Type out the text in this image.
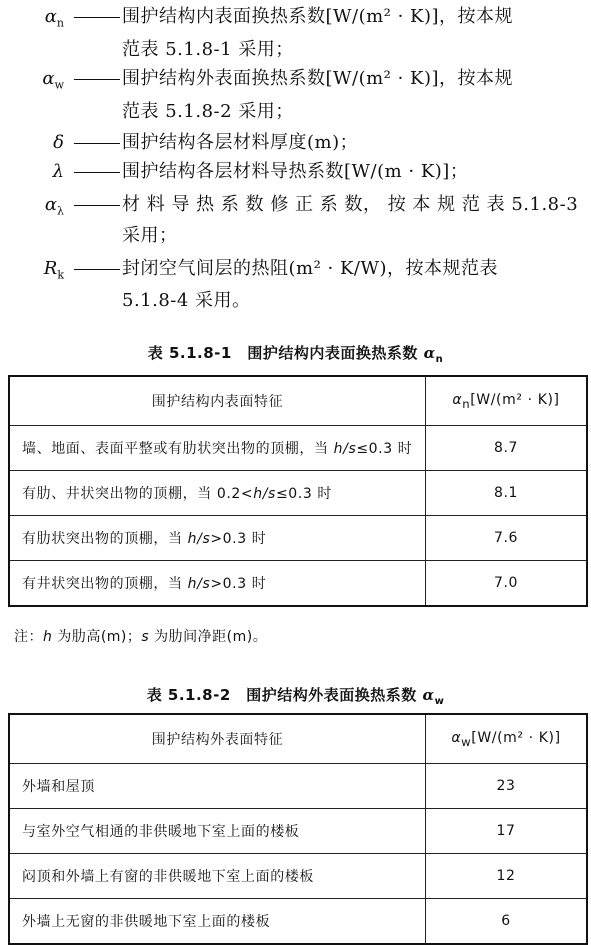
$\alpha_n$	围护结构内表面换热系数[W/(m² · K)]，按本规
范表 5.1.8-1 采用；
$\alpha_w$	围护结构外表面换热系数[W/(m² · K)]，按本规
范表 5.1.8-2 采用；
δ	围护结构各层材料厚度(m)；
λ	围护结构各层材料导热系数[W/(m · K)]；
$\alpha_\lambda$	材 料 导 热 系 数 修 正 系 数， 按 本 规 范 表 5.1.8-3
采用；
$R_k$	封闭空气间层的热阻(m² · K/W)，按本规范表
5.1.8-4 采用。
表 5.1.8-1　围护结构内表面换热系数 $\alpha_n$
围护结构内表面特征	$\alpha_n[W/(m^2 \cdot K)]$
墙、地面、表面平整或有肋状突出物的顶棚，当 h/s≤0.3 时	8.7
有肋、井状突出物的顶棚，当 0.2<h/s≤0.3 时	8.1
有肋状突出物的顶棚，当 h/s>0.3 时	7.6
有井状突出物的顶棚，当 h/s>0.3 时	7.0
注：h 为肋高(m)；s 为肋间净距(m)。
表 5.1.8-2　围护结构外表面换热系数 $\alpha_w$
围护结构外表面特征	$\alpha_w[W/(m^2 \cdot K)]$
外墙和屋顶	23
与室外空气相通的非供暖地下室上面的楼板	17
闷顶和外墙上有窗的非供暖地下室上面的楼板	12
外墙上无窗的非供暖地下室上面的楼板	6
